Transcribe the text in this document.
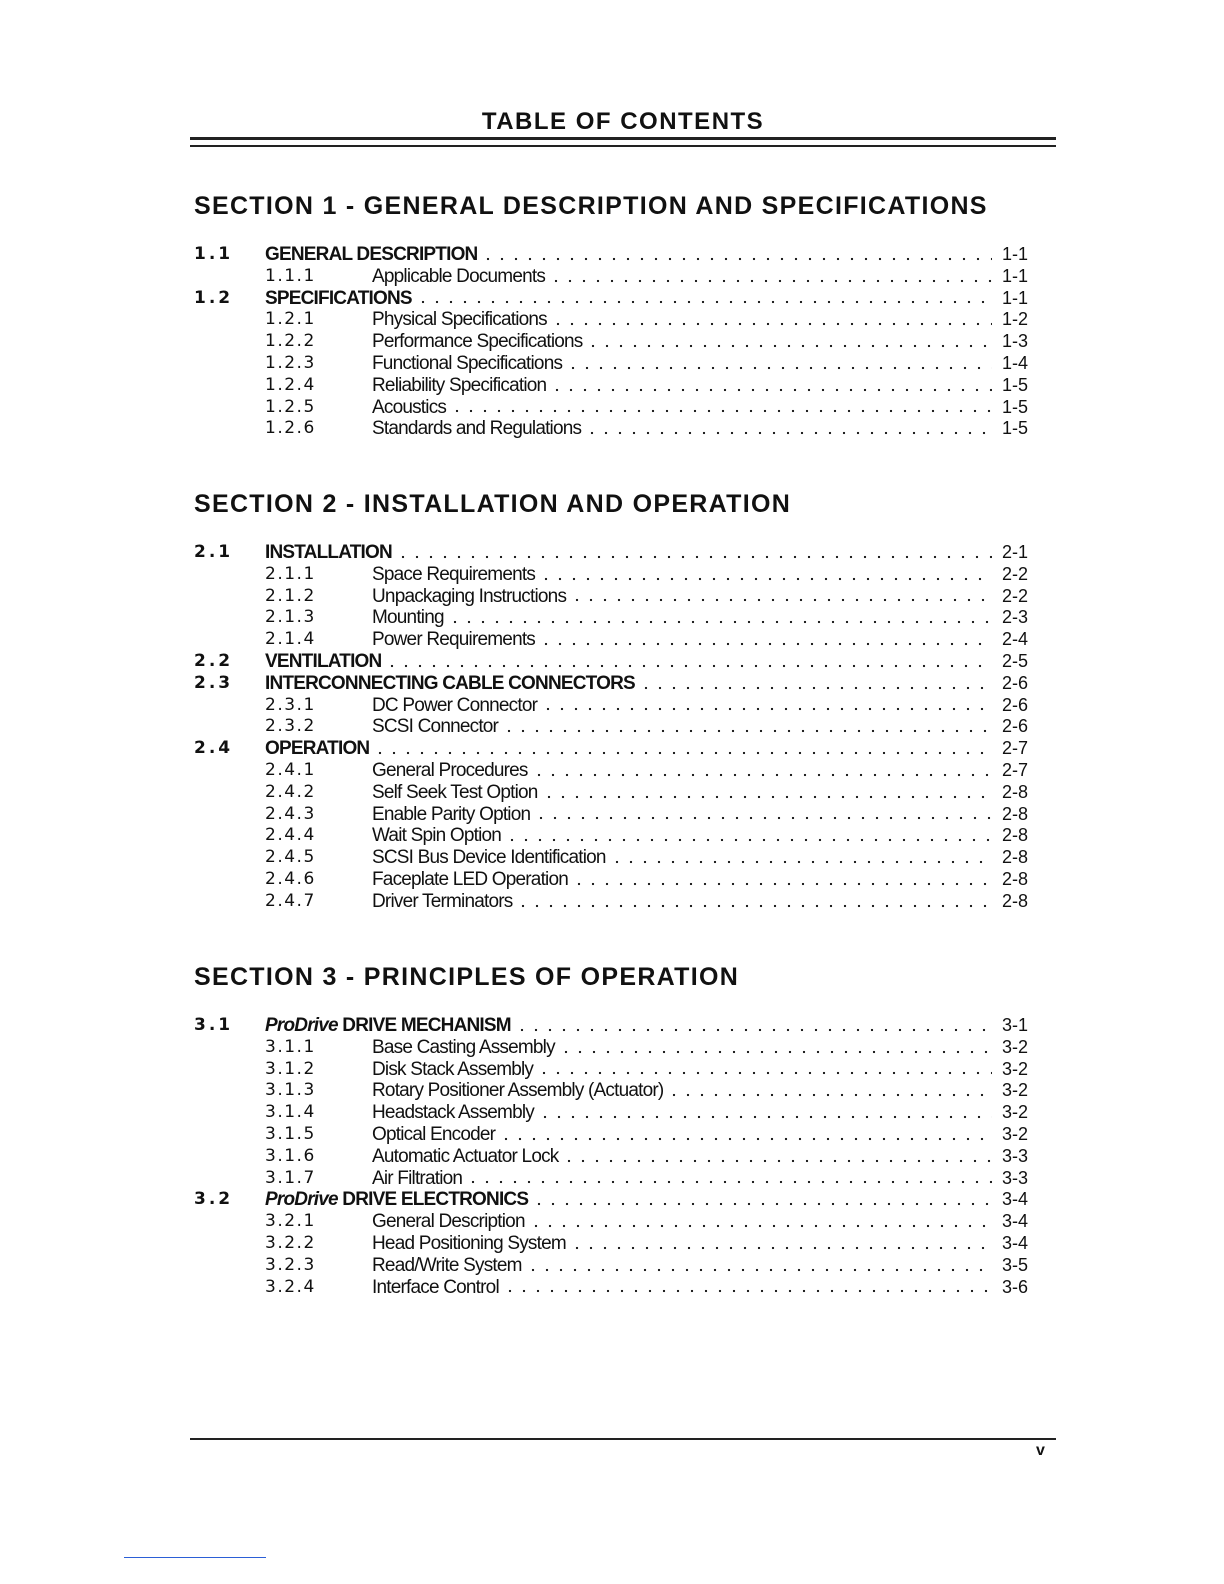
TABLE OF CONTENTS
SECTION 1 - GENERAL DESCRIPTION AND SPECIFICATIONS
1.1 GENERAL DESCRIPTION	1-1
1.1.1	Applicable Documents	1-1
1.2 SPECIFICATIONS	1-1
1.2.1	Physical Specifications	1-2
1.2.2	Performance Specifications	1-3
1.2.3	Functional Specifications	1-4
1.2.4	Reliability Specification	1-5
1.2.5	Acoustics	1-5
1.2.6	Standards and Regulations	1-5
SECTION 2 - INSTALLATION AND OPERATION
2.1 INSTALLATION	2-1
2.1.1	Space Requirements	2-2
2.1.2	Unpackaging Instructions	2-2
2.1.3	Mounting	2-3
2.1.4	Power Requirements	2-4
2.2 VENTILATION	2-5
2.3 INTERCONNECTING CABLE CONNECTORS	2-6
2.3.1	DC Power Connector	2-6
2.3.2	SCSI Connector	2-6
2.4 OPERATION	2-7
2.4.1	General Procedures	2-7
2.4.2	Self Seek Test Option	2-8
2.4.3	Enable Parity Option	2-8
2.4.4	Wait Spin Option	2-8
2.4.5	SCSI Bus Device Identification	2-8
2.4.6	Faceplate LED Operation	2-8
2.4.7	Driver Terminators	2-8
SECTION 3 - PRINCIPLES OF OPERATION
3.1 ProDrive DRIVE MECHANISM	3-1
3.1.1	Base Casting Assembly	3-2
3.1.2	Disk Stack Assembly	3-2
3.1.3	Rotary Positioner Assembly (Actuator)	3-2
3.1.4	Headstack Assembly	3-2
3.1.5	Optical Encoder	3-2
3.1.6	Automatic Actuator Lock	3-3
3.1.7	Air Filtration	3-3
3.2 ProDrive DRIVE ELECTRONICS	3-4
3.2.1	General Description	3-4
3.2.2	Head Positioning System	3-4
3.2.3	Read/Write System	3-5
3.2.4	Interface Control	3-6
v
